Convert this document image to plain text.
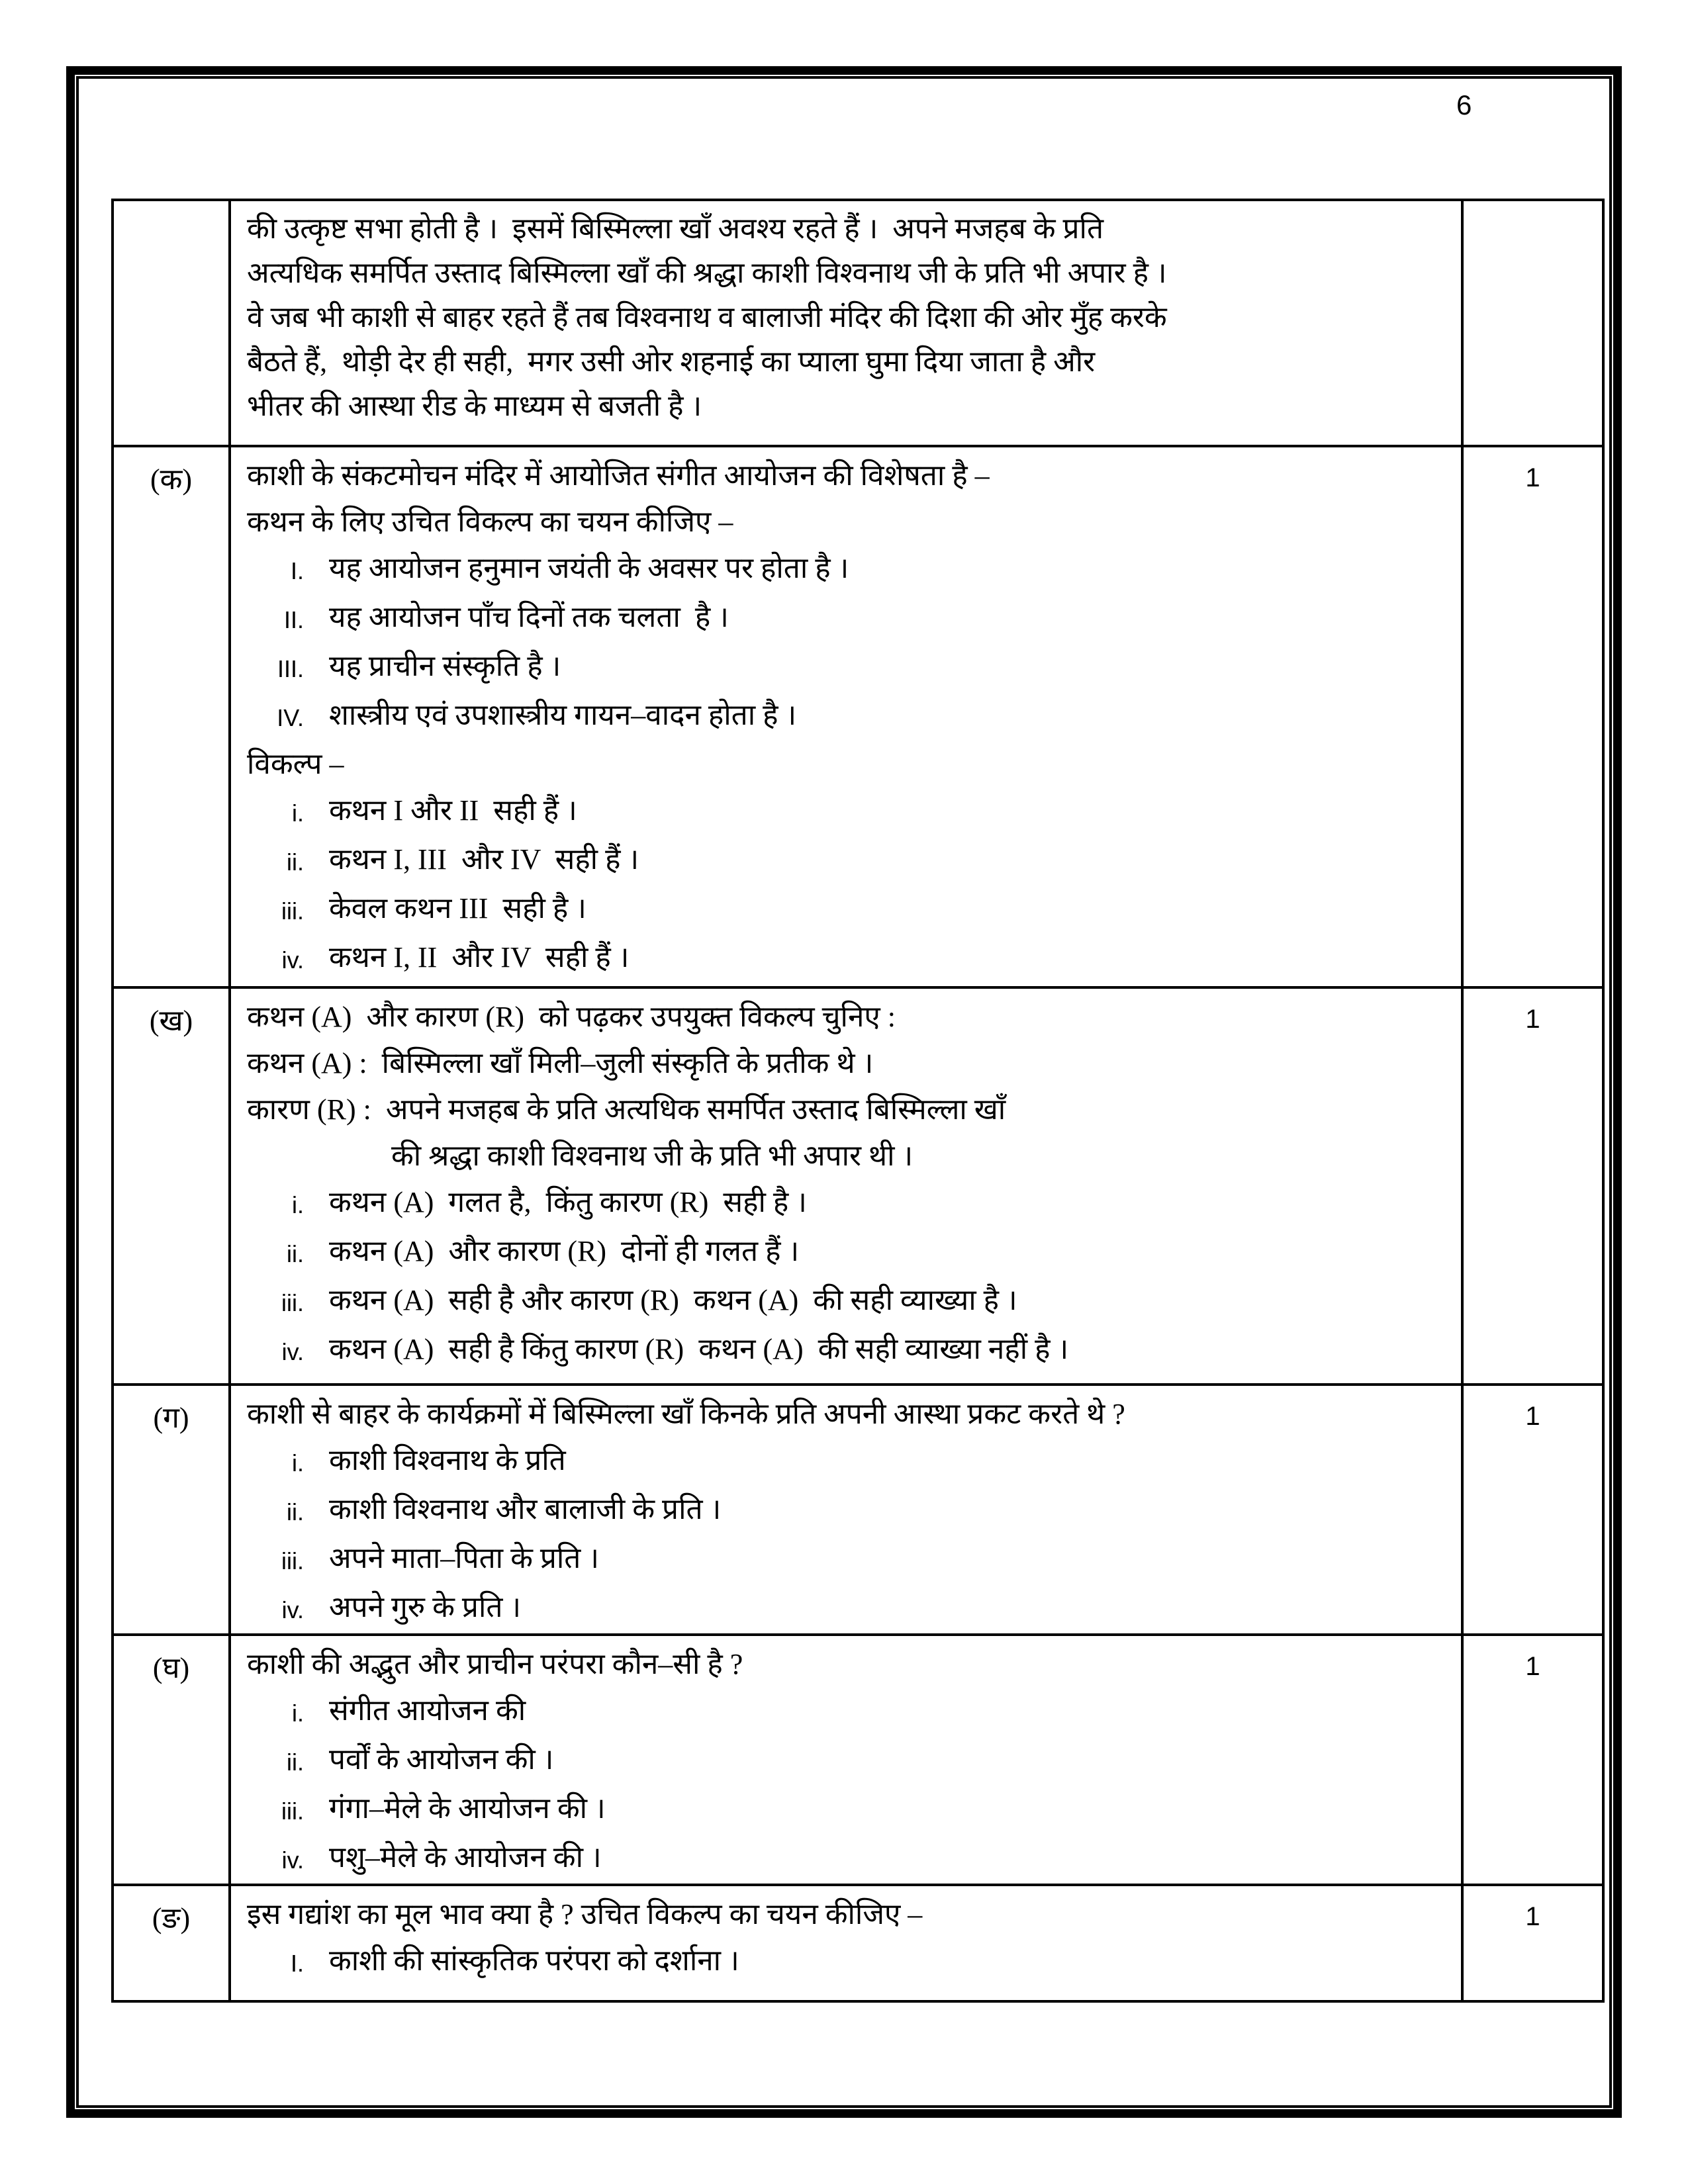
6

	की उत्कृष्ट सभा होती है ।  इसमें बिस्मिल्ला खाँ अवश्य रहते हैं ।  अपने मजहब के प्रति
अत्यधिक समर्पित उस्ताद बिस्मिल्ला खाँ की श्रद्धा काशी विश्वनाथ जी के प्रति भी अपार है ।
वे जब भी काशी से बाहर रहते हैं तब विश्वनाथ व बालाजी मंदिर की दिशा की ओर मुँह करके
बैठते हैं,  थोड़ी देर ही सही,  मगर उसी ओर शहनाई का प्याला घुमा दिया जाता है और
भीतर की आस्था रीड के माध्यम से बजती है ।	

(क)	काशी के संकटमोचन मंदिर में आयोजित संगीत आयोजन की विशेषता है –
कथन के लिए उचित विकल्प का चयन कीजिए –
I. यह आयोजन हनुमान जयंती के अवसर पर होता है ।
II. यह आयोजन पाँच दिनों तक चलता  है ।
III. यह प्राचीन संस्कृति है ।
IV. शास्त्रीय एवं उपशास्त्रीय गायन–वादन होता है ।
विकल्प –
i. कथन I और II  सही हैं ।
ii. कथन I, III  और IV  सही हैं ।
iii. केवल कथन III  सही है ।
iv. कथन I, II  और IV  सही हैं ।
	1
(ख)	कथन (A)  और कारण (R)  को पढ़कर उपयुक्त विकल्प चुनिए :
कथन (A) :  बिस्मिल्ला खाँ मिली–जुली संस्कृति के प्रतीक थे ।
कारण (R) :  अपने मजहब के प्रति अत्यधिक समर्पित उस्ताद बिस्मिल्ला खाँ
की श्रद्धा काशी विश्वनाथ जी के प्रति भी अपार थी ।
i. कथन (A)  गलत है,  किंतु कारण (R)  सही है ।
ii. कथन (A)  और कारण (R)  दोनों ही गलत हैं ।
iii. कथन (A)  सही है और कारण (R)  कथन (A)  की सही व्याख्या है ।
iv. कथन (A)  सही है किंतु कारण (R)  कथन (A)  की सही व्याख्या नहीं है ।
	1
(ग)	काशी से बाहर के कार्यक्रमों में बिस्मिल्ला खाँ किनके प्रति अपनी आस्था प्रकट करते थे ?
i. काशी विश्वनाथ के प्रति
ii. काशी विश्वनाथ और बालाजी के प्रति ।
iii. अपने माता–पिता के प्रति ।
iv. अपने गुरु के प्रति ।
	1
(घ)	काशी की अद्भुत और प्राचीन परंपरा कौन–सी है ?
i. संगीत आयोजन की
ii. पर्वों के आयोजन की ।
iii. गंगा–मेले के आयोजन की ।
iv. पशु–मेले के आयोजन की ।
	1
(ङ)	इस गद्यांश का मूल भाव क्या है ? उचित विकल्प का चयन कीजिए –
I. काशी की सांस्कृतिक परंपरा को दर्शाना ।	1
